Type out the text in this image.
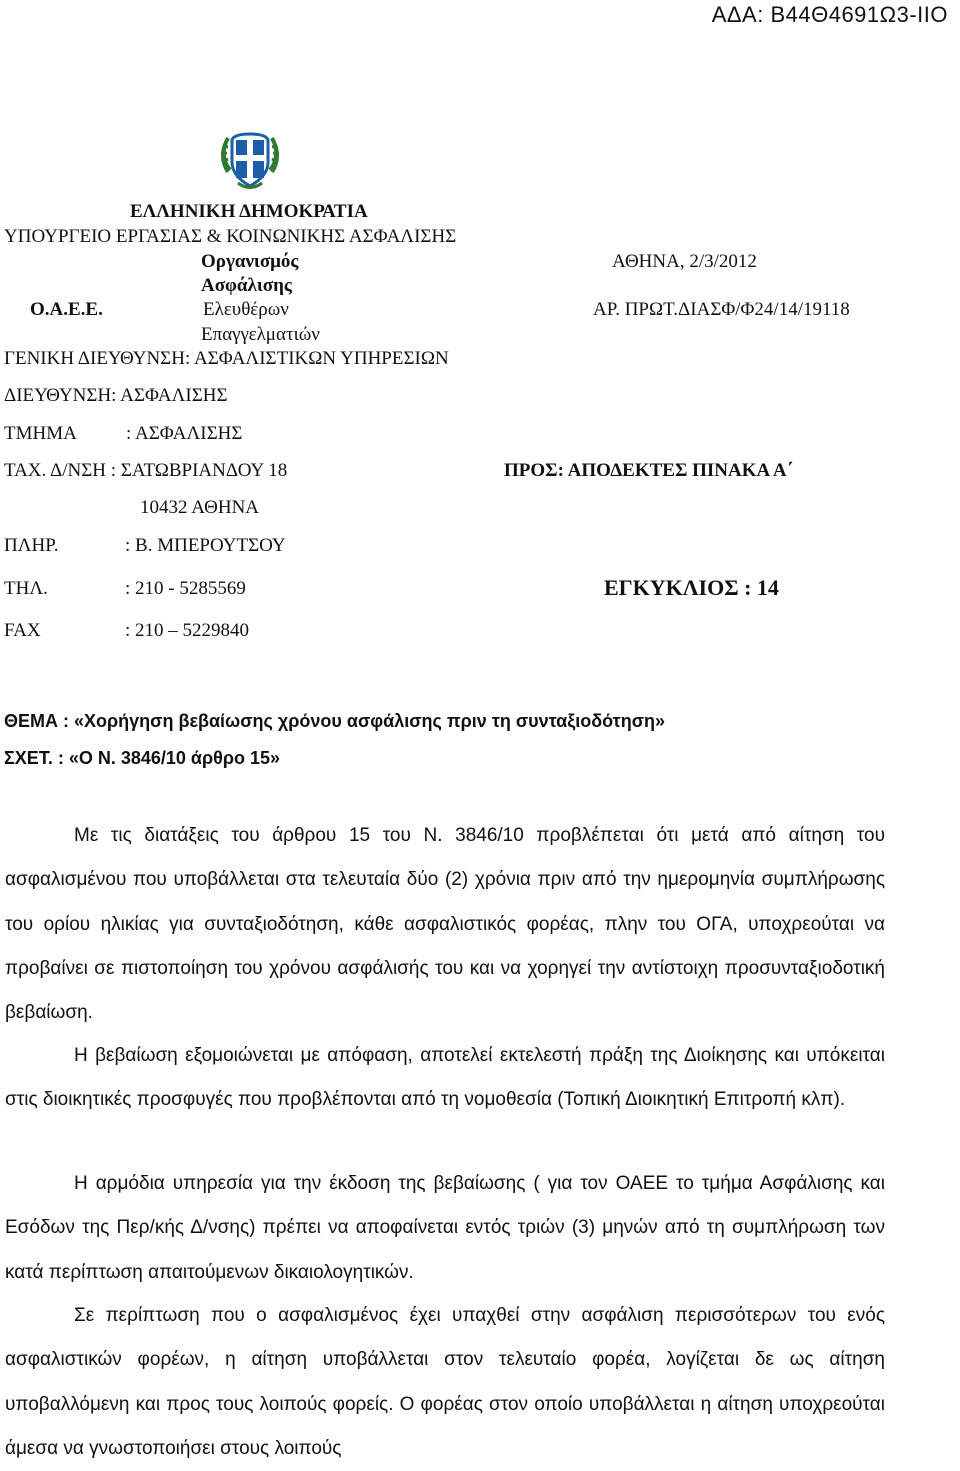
ΑΔΑ: Β44Θ4691Ω3-ΙΙΟ
ΕΛΛΗΝΙΚΗ ΔΗΜΟΚΡΑΤΙΑ
ΥΠΟΥΡΓΕΙΟ ΕΡΓΑΣΙΑΣ & ΚΟΙΝΩΝΙΚΗΣ ΑΣΦΑΛΙΣΗΣ
Οργανισμός
Ασφάλισης
Ο.Α.Ε.Ε.	Ελευθέρων
Επαγγελματιών
ΓΕΝΙΚΗ ΔΙΕΥΘΥΝΣΗ: ΑΣΦΑΛΙΣΤΙΚΩΝ ΥΠΗΡΕΣΙΩΝ
ΔΙΕΥΘΥΝΣΗ: ΑΣΦΑΛΙΣΗΣ
ΤΜΗΜΑ	: ΑΣΦΑΛΙΣΗΣ
ΤΑΧ. Δ/ΝΣΗ : ΣΑΤΩΒΡΙΑΝΔΟΥ 18
10432 ΑΘΗΝΑ
ΠΛΗΡ.	: Β. ΜΠΕΡΟΥΤΣΟΥ
ΤΗΛ.	: 210 - 5285569
FAX	: 210 – 5229840
ΑΘΗΝΑ, 2/3/2012
ΑΡ. ΠΡΩΤ.ΔΙΑΣΦ/Φ24/14/19118
ΠΡΟΣ: ΑΠΟΔΕΚΤΕΣ ΠΙΝΑΚΑ Α΄
ΕΓΚΥΚΛΙΟΣ : 14
ΘΕΜΑ : «Χορήγηση βεβαίωσης χρόνου ασφάλισης πριν τη συνταξιοδότηση»
ΣΧΕΤ. : «Ο Ν. 3846/10 άρθρο 15»
Με τις διατάξεις του άρθρου 15 του Ν. 3846/10 προβλέπεται ότι μετά από αίτηση του ασφαλισμένου που υποβάλλεται στα τελευταία δύο (2) χρόνια πριν από την ημερομηνία συμπλήρωσης του ορίου ηλικίας για συνταξιοδότηση, κάθε ασφαλιστικός φορέας, πλην του ΟΓΑ, υποχρεούται να προβαίνει σε πιστοποίηση του χρόνου ασφάλισής του και να χορηγεί την αντίστοιχη προσυνταξιοδοτική βεβαίωση.
Η βεβαίωση εξομοιώνεται με απόφαση, αποτελεί εκτελεστή πράξη της Διοίκησης και υπόκειται στις διοικητικές προσφυγές που προβλέπονται από τη νομοθεσία (Τοπική Διοικητική Επιτροπή κλπ).
Η αρμόδια υπηρεσία για την έκδοση της βεβαίωσης ( για τον ΟΑΕΕ το τμήμα Ασφάλισης και Εσόδων της Περ/κής Δ/νσης) πρέπει να αποφαίνεται εντός τριών (3) μηνών από τη συμπλήρωση των κατά περίπτωση απαιτούμενων δικαιολογητικών.
Σε περίπτωση που ο ασφαλισμένος έχει υπαχθεί στην ασφάλιση περισσότερων του ενός ασφαλιστικών φορέων, η αίτηση υποβάλλεται στον τελευταίο φορέα, λογίζεται δε ως αίτηση υποβαλλόμενη και προς τους λοιπούς φορείς. Ο φορέας στον οποίο υποβάλλεται η αίτηση υποχρεούται άμεσα να γνωστοποιήσει στους λοιπούς
